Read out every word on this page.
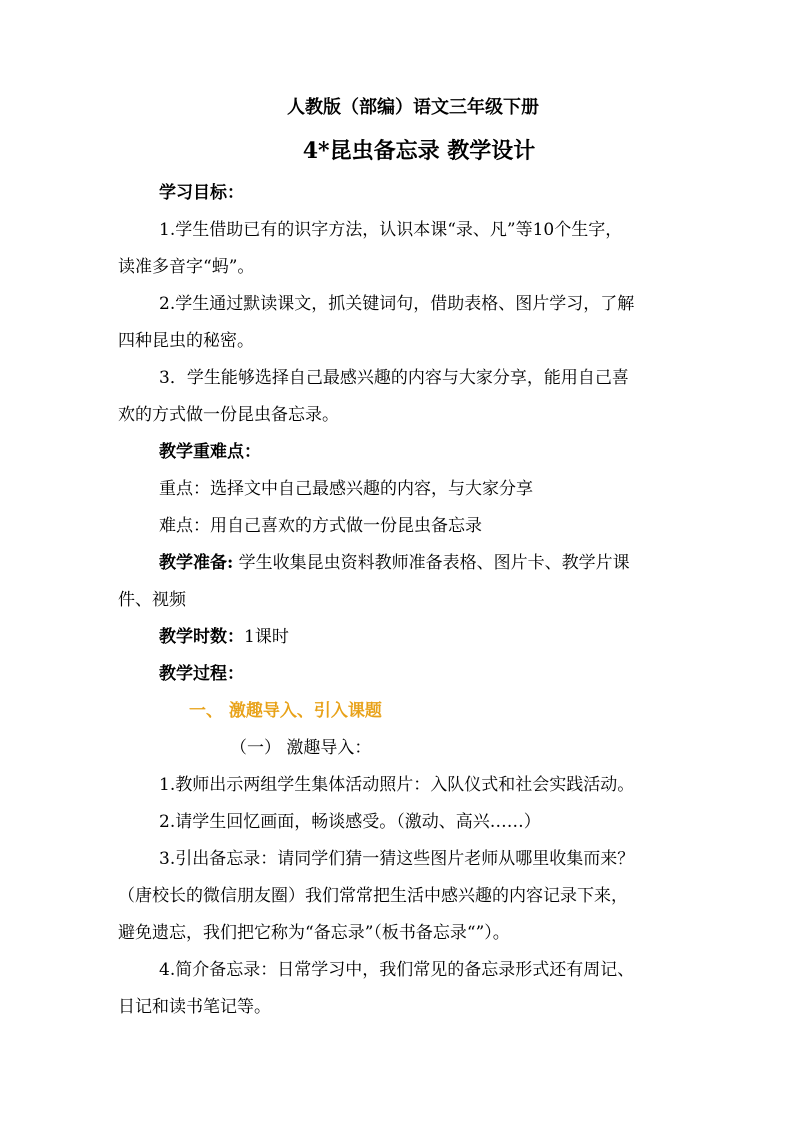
人教版（部编）语文三年级下册
4*昆虫备忘录 教学设计
学习目标：
1.学生借助已有的识字方法，认识本课“录、凡”等10个生字，
读准多音字“蚂”。
2.学生通过默读课文，抓关键词句，借助表格、图片学习，了解
四种昆虫的秘密。
3．学生能够选择自己最感兴趣的内容与大家分享，能用自己喜
欢的方式做一份昆虫备忘录。
教学重难点：
重点：选择文中自己最感兴趣的内容，与大家分享
难点：用自己喜欢的方式做一份昆虫备忘录
教学准备: 学生收集昆虫资料教师准备表格、图片卡、教学片课
件、视频
教学时数：1课时
教学过程：
一、 激趣导入、引入课题
（一） 激趣导入：
1.教师出示两组学生集体活动照片：入队仪式和社会实践活动。
2.请学生回忆画面，畅谈感受。（激动、高兴……）
3.引出备忘录：请同学们猜一猜这些图片老师从哪里收集而来？
（唐校长的微信朋友圈）我们常常把生活中感兴趣的内容记录下来，
避免遗忘，我们把它称为“备忘录”（板书备忘录“”）。
4.简介备忘录：日常学习中，我们常见的备忘录形式还有周记、
日记和读书笔记等。
